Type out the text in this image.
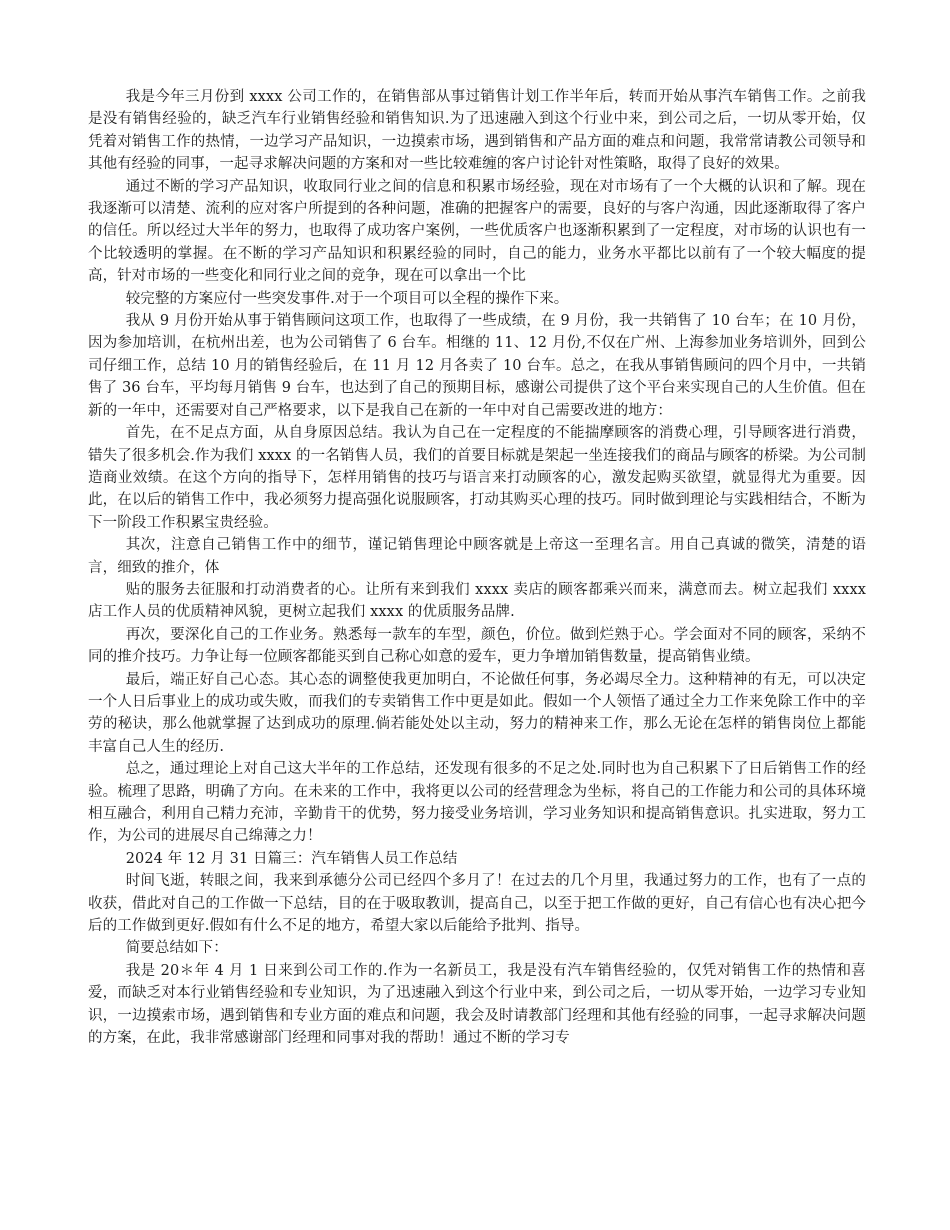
我是今年三月份到 xxxx 公司工作的，在销售部从事过销售计划工作半年后，转而开始从事汽车销售工作。之前我是没有销售经验的，缺乏汽车行业销售经验和销售知识.为了迅速融入到这个行业中来，到公司之后，一切从零开始，仅凭着对销售工作的热情，一边学习产品知识，一边摸索市场，遇到销售和产品方面的难点和问题，我常常请教公司领导和其他有经验的同事，一起寻求解决问题的方案和对一些比较难缠的客户讨论针对性策略，取得了良好的效果。

通过不断的学习产品知识，收取同行业之间的信息和积累市场经验，现在对市场有了一个大概的认识和了解。现在我逐渐可以清楚、流利的应对客户所提到的各种问题，准确的把握客户的需要，良好的与客户沟通，因此逐渐取得了客户的信任。所以经过大半年的努力，也取得了成功客户案例，一些优质客户也逐渐积累到了一定程度，对市场的认识也有一个比较透明的掌握。在不断的学习产品知识和积累经验的同时，自己的能力，业务水平都比以前有了一个较大幅度的提高，针对市场的一些变化和同行业之间的竞争，现在可以拿出一个比

较完整的方案应付一些突发事件.对于一个项目可以全程的操作下来。

我从 9 月份开始从事于销售顾问这项工作，也取得了一些成绩，在 9 月份，我一共销售了 10 台车；在 10 月份，因为参加培训，在杭州出差，也为公司销售了 6 台车。相继的 11、12 月份,不仅在广州、上海参加业务培训外，回到公司仔细工作，总结 10 月的销售经验后，在 11 月 12 月各卖了 10 台车。总之，在我从事销售顾问的四个月中，一共销售了 36 台车，平均每月销售 9 台车，也达到了自己的预期目标，感谢公司提供了这个平台来实现自己的人生价值。但在新的一年中，还需要对自己严格要求，以下是我自己在新的一年中对自己需要改进的地方：

首先，在不足点方面，从自身原因总结。我认为自己在一定程度的不能揣摩顾客的消费心理，引导顾客进行消费，错失了很多机会.作为我们 xxxx 的一名销售人员，我们的首要目标就是架起一坐连接我们的商品与顾客的桥梁。为公司制造商业效绩。在这个方向的指导下，怎样用销售的技巧与语言来打动顾客的心，激发起购买欲望，就显得尤为重要。因此，在以后的销售工作中，我必须努力提高强化说服顾客，打动其购买心理的技巧。同时做到理论与实践相结合，不断为下一阶段工作积累宝贵经验。

其次，注意自己销售工作中的细节，谨记销售理论中顾客就是上帝这一至理名言。用自己真诚的微笑，清楚的语言，细致的推介，体

贴的服务去征服和打动消费者的心。让所有来到我们 xxxx 卖店的顾客都乘兴而来，满意而去。树立起我们 xxxx 店工作人员的优质精神风貌，更树立起我们 xxxx 的优质服务品牌.

再次，要深化自己的工作业务。熟悉每一款车的车型，颜色，价位。做到烂熟于心。学会面对不同的顾客，采纳不同的推介技巧。力争让每一位顾客都能买到自己称心如意的爱车，更力争增加销售数量，提高销售业绩。

最后，端正好自己心态。其心态的调整使我更加明白，不论做任何事，务必竭尽全力。这种精神的有无，可以决定一个人日后事业上的成功或失败，而我们的专卖销售工作中更是如此。假如一个人领悟了通过全力工作来免除工作中的辛劳的秘诀，那么他就掌握了达到成功的原理.倘若能处处以主动，努力的精神来工作，那么无论在怎样的销售岗位上都能丰富自己人生的经历.

总之，通过理论上对自己这大半年的工作总结，还发现有很多的不足之处.同时也为自己积累下了日后销售工作的经验。梳理了思路，明确了方向。在未来的工作中，我将更以公司的经营理念为坐标，将自己的工作能力和公司的具体环境相互融合，利用自己精力充沛，辛勤肯干的优势，努力接受业务培训，学习业务知识和提高销售意识。扎实进取，努力工作，为公司的进展尽自己绵薄之力！

2024 年 12 月 31 日篇三：汽车销售人员工作总结

时间飞逝，转眼之间，我来到承德分公司已经四个多月了！在过去的几个月里，我通过努力的工作，也有了一点的收获，借此对自己的工作做一下总结，目的在于吸取教训，提高自己，以至于把工作做的更好，自己有信心也有决心把今后的工作做到更好.假如有什么不足的地方，希望大家以后能给予批判、指导。

简要总结如下：

我是 20＊年 4 月 1 日来到公司工作的.作为一名新员工，我是没有汽车销售经验的，仅凭对销售工作的热情和喜爱，而缺乏对本行业销售经验和专业知识，为了迅速融入到这个行业中来，到公司之后，一切从零开始，一边学习专业知识，一边摸索市场，遇到销售和专业方面的难点和问题，我会及时请教部门经理和其他有经验的同事，一起寻求解决问题的方案，在此，我非常感谢部门经理和同事对我的帮助！通过不断的学习专
